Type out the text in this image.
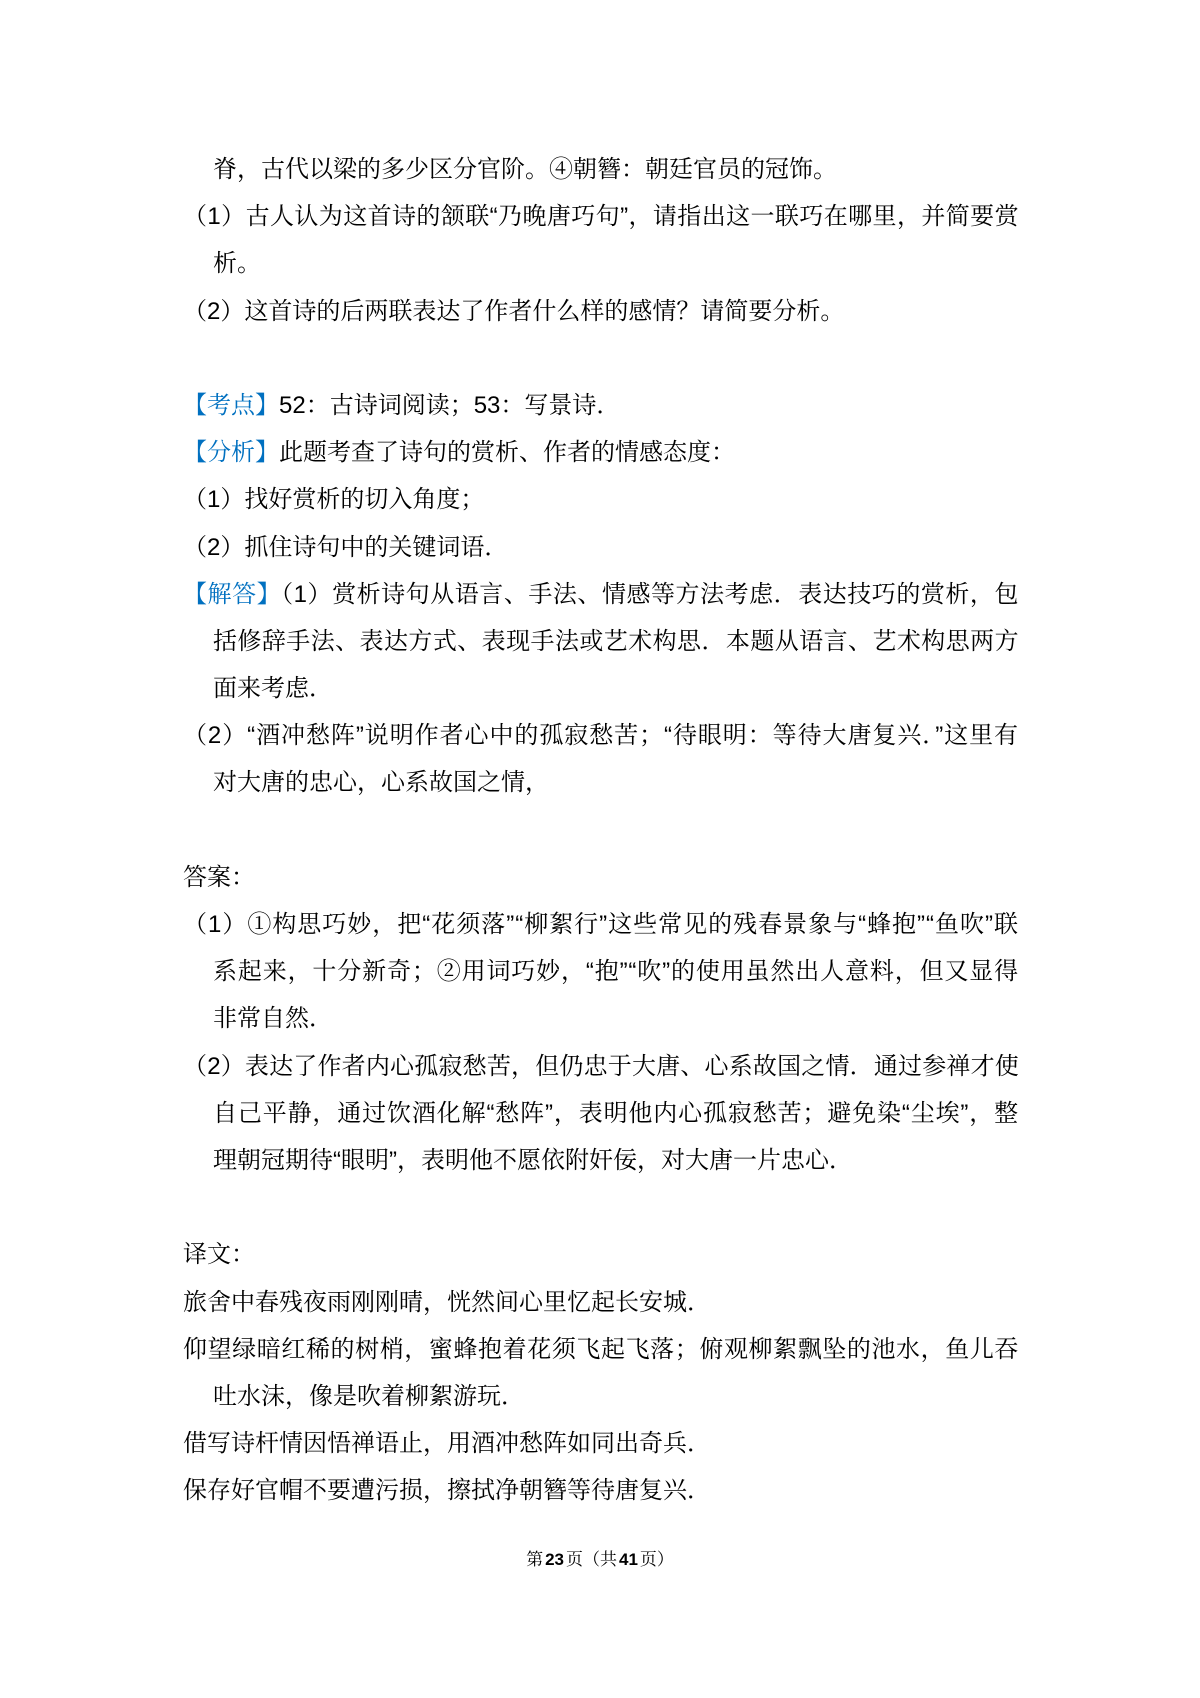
脊，古代以梁的多少区分官阶。④朝簪：朝廷官员的冠饰。
（1）古人认为这首诗的颔联“乃晚唐巧句”，请指出这一联巧在哪里，并简要赏
析。
（2）这首诗的后两联表达了作者什么样的感情？请简要分析。
【考点】52：古诗词阅读；53：写景诗．
【分析】此题考查了诗句的赏析、作者的情感态度：
（1）找好赏析的切入角度；
（2）抓住诗句中的关键词语．
【解答】（1）赏析诗句从语言、手法、情感等方法考虑．表达技巧的赏析，包
括修辞手法、表达方式、表现手法或艺术构思．本题从语言、艺术构思两方
面来考虑．
（2）“酒冲愁阵”说明作者心中的孤寂愁苦；“待眼明：等待大唐复兴．”这里有
对大唐的忠心，心系故国之情，
答案：
（1）①构思巧妙，把“花须落”“柳絮行”这些常见的残春景象与“蜂抱”“鱼吹”联
系起来，十分新奇；②用词巧妙，“抱”“吹”的使用虽然出人意料，但又显得
非常自然．
（2）表达了作者内心孤寂愁苦，但仍忠于大唐、心系故国之情．通过参禅才使
自己平静，通过饮酒化解“愁阵”，表明他内心孤寂愁苦；避免染“尘埃”，整
理朝冠期待“眼明”，表明他不愿依附奸佞，对大唐一片忠心．
译文：
旅舍中春残夜雨刚刚晴，恍然间心里忆起长安城．
仰望绿暗红稀的树梢，蜜蜂抱着花须飞起飞落；俯观柳絮飘坠的池水，鱼儿吞
吐水沫，像是吹着柳絮游玩．
借写诗杆情因悟禅语止，用酒冲愁阵如同出奇兵．
保存好官帽不要遭污损，擦拭净朝簪等待唐复兴．
第 23 页（共 41 页）
